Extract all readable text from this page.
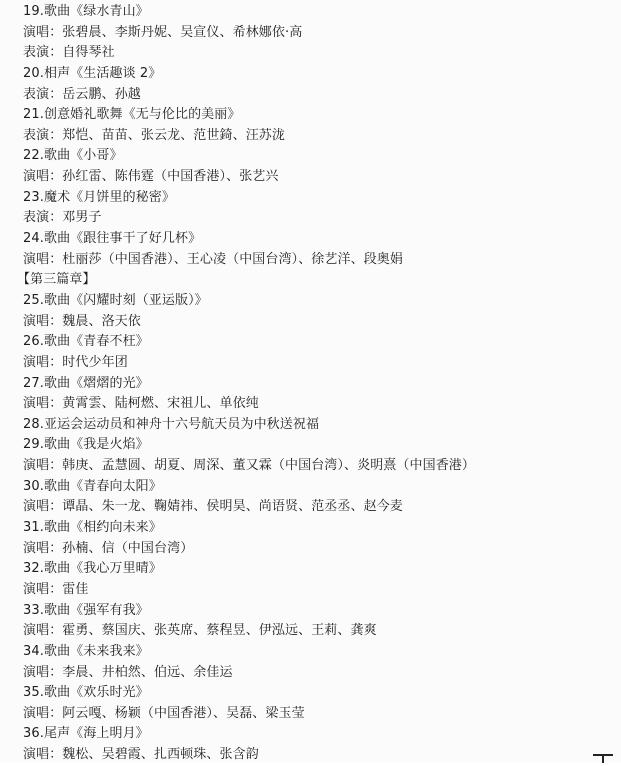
19.歌曲《绿水青山》
演唱：张碧晨、李斯丹妮、吴宣仪、希林娜依·高
表演：自得琴社
20.相声《生活趣谈 2》
表演：岳云鹏、孙越
21.创意婚礼歌舞《无与伦比的美丽》
表演：郑恺、苗苗、张云龙、范世錡、汪苏泷
22.歌曲《小哥》
演唱：孙红雷、陈伟霆（中国香港）、张艺兴
23.魔术《月饼里的秘密》
表演：邓男子
24.歌曲《跟往事干了好几杯》
演唱：杜丽莎（中国香港）、王心凌（中国台湾）、徐艺洋、段奥娟
【第三篇章】
25.歌曲《闪耀时刻（亚运版）》
演唱：魏晨、洛天依
26.歌曲《青春不枉》
演唱：时代少年团
27.歌曲《熠熠的光》
演唱：黄霄雲、陆柯燃、宋祖儿、单依纯
28.亚运会运动员和神舟十六号航天员为中秋送祝福
29.歌曲《我是火焰》
演唱：韩庚、孟慧圆、胡夏、周深、董又霖（中国台湾）、炎明熹（中国香港）
30.歌曲《青春向太阳》
演唱：谭晶、朱一龙、鞠婧祎、侯明昊、尚语贤、范丞丞、赵今麦
31.歌曲《相约向未来》
演唱：孙楠、信（中国台湾）
32.歌曲《我心万里晴》
演唱：雷佳
33.歌曲《强军有我》
演唱：霍勇、蔡国庆、张英席、蔡程昱、伊泓远、王莉、龚爽
34.歌曲《未来我来》
演唱：李晨、井柏然、伯远、余佳运
35.歌曲《欢乐时光》
演唱：阿云嘎、杨颖（中国香港）、吴磊、梁玉莹
36.尾声《海上明月》
演唱：魏松、吴碧霞、扎西顿珠、张含韵
